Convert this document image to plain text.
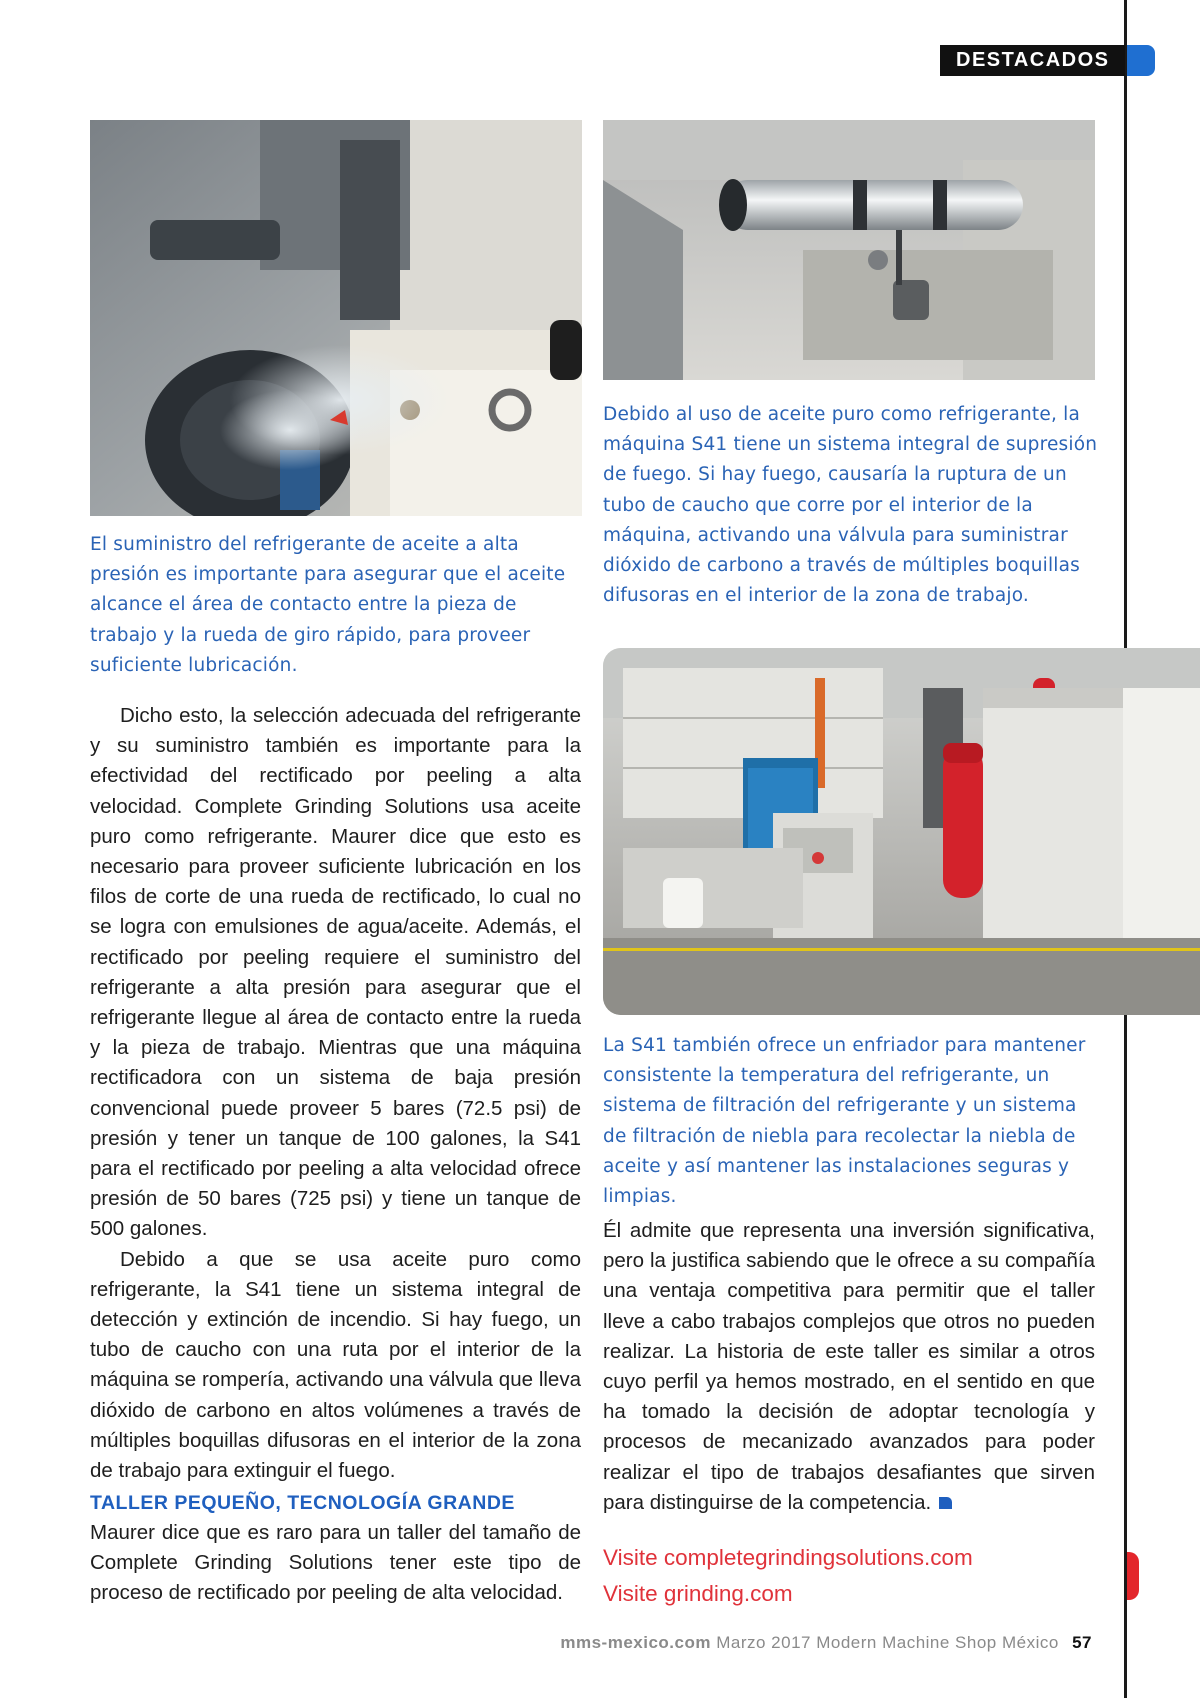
DESTACADOS
El suministro del refrigerante de aceite a alta presión es importante para asegurar que el aceite alcance el área de contacto entre la pieza de trabajo y la rueda de giro rápido, para proveer suficiente lubricación.
Debido al uso de aceite puro como refrigerante, la máquina S41 tiene un sistema integral de supresión de fuego. Si hay fuego, causaría la ruptura de un tubo de caucho que corre por el interior de la máquina, activando una válvula para suministrar dióxido de carbono a través de múltiples boquillas difusoras en el interior de la zona de trabajo.
La S41 también ofrece un enfriador para mantener consistente la temperatura del refrigerante, un sistema de filtración del refrigerante y un sistema de filtración de niebla para recolectar la niebla de aceite y así mantener las instalaciones seguras y limpias.

Dicho esto, la selección adecuada del refrigerante y su suministro también es importante para la efectividad del rectificado por peeling a alta velocidad. Complete Grinding Solutions usa aceite puro como refrigerante. Maurer dice que esto es necesario para proveer suficiente lubricación en los filos de corte de una rueda de rectificado, lo cual no se logra con emulsiones de agua/aceite. Además, el rectificado por peeling requiere el suministro del refrigerante a alta presión para asegurar que el refrigerante llegue al área de contacto entre la rueda y la pieza de trabajo. Mientras que una máquina rectificadora con un sistema de baja presión convencional puede proveer 5 bares (72.5 psi) de presión y tener un tanque de 100 galones, la S41 para el rectificado por peeling a alta velocidad ofrece presión de 50 bares (725 psi) y tiene un tanque de 500 galones.

Debido a que se usa aceite puro como refrigerante, la S41 tiene un sistema integral de detección y extinción de incendio. Si hay fuego, un tubo de caucho con una ruta por el interior de la máquina se rompería, activando una válvula que lleva dióxido de carbono en altos volúmenes a través de múltiples boquillas difusoras en el interior de la zona de trabajo para extinguir el fuego.

TALLER PEQUEÑO, TECNOLOGÍA GRANDE

Maurer dice que es raro para un taller del tamaño de Complete Grinding Solutions tener este tipo de proceso de rectificado por peeling de alta velocidad.

Él admite que representa una inversión significativa, pero la justifica sabiendo que le ofrece a su compañía una ventaja competitiva para permitir que el taller lleve a cabo trabajos complejos que otros no pueden realizar. La historia de este taller es similar a otros cuyo perfil ya hemos mostrado, en el sentido en que ha tomado la decisión de adoptar tecnología y procesos de mecanizado avanzados para poder realizar el tipo de trabajos desafiantes que sirven para distinguirse de la competencia.

Visite completegrindingsolutions.com
Visite grinding.com
mms-mexico.com Marzo 2017 Modern Machine Shop México 57
